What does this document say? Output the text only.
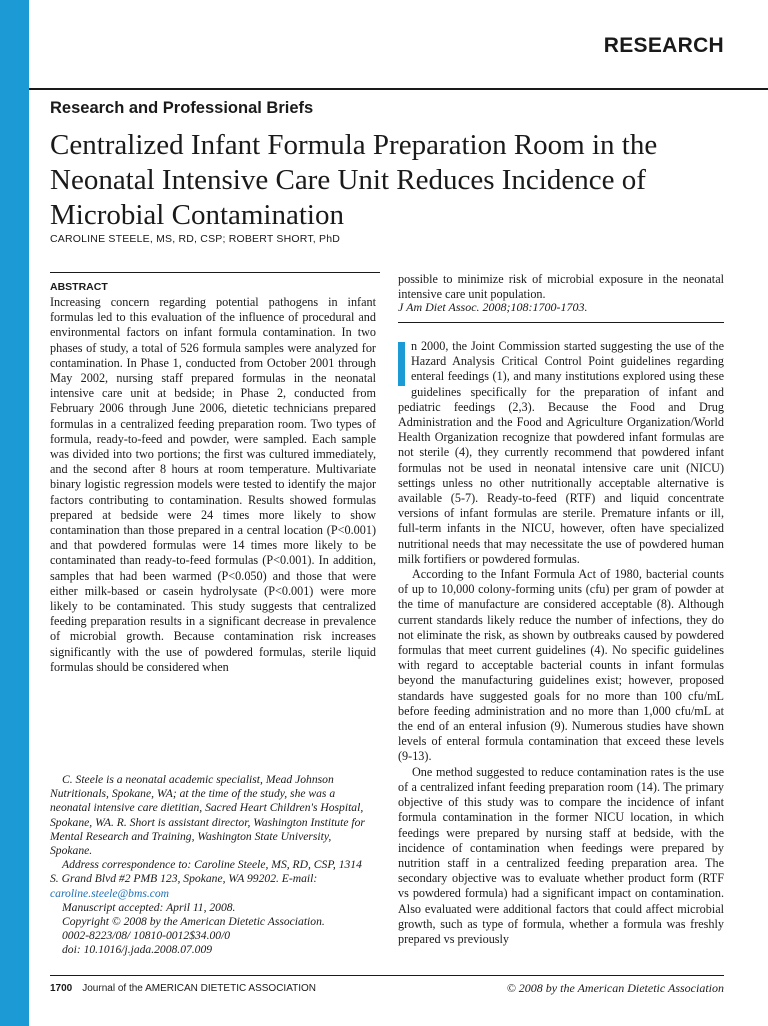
RESEARCH
Research and Professional Briefs
Centralized Infant Formula Preparation Room in the Neonatal Intensive Care Unit Reduces Incidence of Microbial Contamination
CAROLINE STEELE, MS, RD, CSP; ROBERT SHORT, PhD
ABSTRACT

Increasing concern regarding potential pathogens in infant formulas led to this evaluation of the influence of procedural and environmental factors on infant formula contamination. In two phases of study, a total of 526 formula samples were analyzed for contamination. In Phase 1, conducted from October 2001 through May 2002, nursing staff prepared formulas in the neonatal intensive care unit at bedside; in Phase 2, conducted from February 2006 through June 2006, dietetic technicians prepared formulas in a centralized feeding preparation room. Two types of formula, ready-to-feed and powder, were sampled. Each sample was divided into two portions; the first was cultured immediately, and the second after 8 hours at room temperature. Multivariate binary logistic regression models were tested to identify the major factors contributing to contamination. Results showed formulas prepared at bedside were 24 times more likely to show contamination than those prepared in a central location (P<0.001) and that powdered formulas were 14 times more likely to be contaminated than ready-to-feed formulas (P<0.001). In addition, samples that had been warmed (P<0.050) and those that were either milk-based or casein hydrolysate (P<0.001) were more likely to be contaminated. This study suggests that centralized feeding preparation results in a significant decrease in prevalence of microbial growth. Because contamination risk increases significantly with the use of powdered formulas, sterile liquid formulas should be considered when

C. Steele is a neonatal academic specialist, Mead Johnson Nutritionals, Spokane, WA; at the time of the study, she was a neonatal intensive care dietitian, Sacred Heart Children's Hospital, Spokane, WA. R. Short is assistant director, Washington Institute for Mental Research and Training, Washington State University, Spokane.

Address correspondence to: Caroline Steele, MS, RD, CSP, 1314 S. Grand Blvd #2 PMB 123, Spokane, WA 99202. E-mail: caroline.steele@bms.com

Manuscript accepted: April 11, 2008.

Copyright © 2008 by the American Dietetic Association.

0002-8223/08/ 10810-0012$34.00/0

doi: 10.1016/j.jada.2008.07.009

possible to minimize risk of microbial exposure in the neonatal intensive care unit population.

J Am Diet Assoc. 2008;108:1700-1703.

n 2000, the Joint Commission started suggesting the use of the Hazard Analysis Critical Control Point guidelines regarding enteral feedings (1), and many institutions explored using these guidelines specifically for the preparation of infant and pediatric feedings (2,3). Because the Food and Drug Administration and the Food and Agriculture Organization/World Health Organization recognize that powdered infant formulas are not sterile (4), they currently recommend that powdered infant formulas not be used in neonatal intensive care unit (NICU) settings unless no other nutritionally acceptable alternative is available (5-7). Ready-to-feed (RTF) and liquid concentrate versions of infant formulas are sterile. Premature infants or ill, full-term infants in the NICU, however, often have specialized nutritional needs that may necessitate the use of powdered human milk fortifiers or powdered formulas.

According to the Infant Formula Act of 1980, bacterial counts of up to 10,000 colony-forming units (cfu) per gram of powder at the time of manufacture are considered acceptable (8). Although current standards likely reduce the number of infections, they do not eliminate the risk, as shown by outbreaks caused by powdered formulas that meet current guidelines (4). No specific guidelines with regard to acceptable bacterial counts in infant formulas beyond the manufacturing guidelines exist; however, proposed standards have suggested goals for no more than 100 cfu/mL before feeding administration and no more than 1,000 cfu/mL at the end of an enteral infusion (9). Numerous studies have shown levels of enteral formula contamination that exceed these levels (9-13).

One method suggested to reduce contamination rates is the use of a centralized infant feeding preparation room (14). The primary objective of this study was to compare the incidence of infant formula contamination in the former NICU location, in which feedings were prepared by nursing staff at bedside, with the incidence of contamination when feedings were prepared by nutrition staff in a centralized feeding preparation area. The secondary objective was to evaluate whether product form (RTF vs powdered formula) had a significant impact on contamination. Also evaluated were additional factors that could affect microbial growth, such as type of formula, whether a formula was freshly prepared vs previously

1700 Journal of the AMERICAN DIETETIC ASSOCIATION	© 2008 by the American Dietetic Association
